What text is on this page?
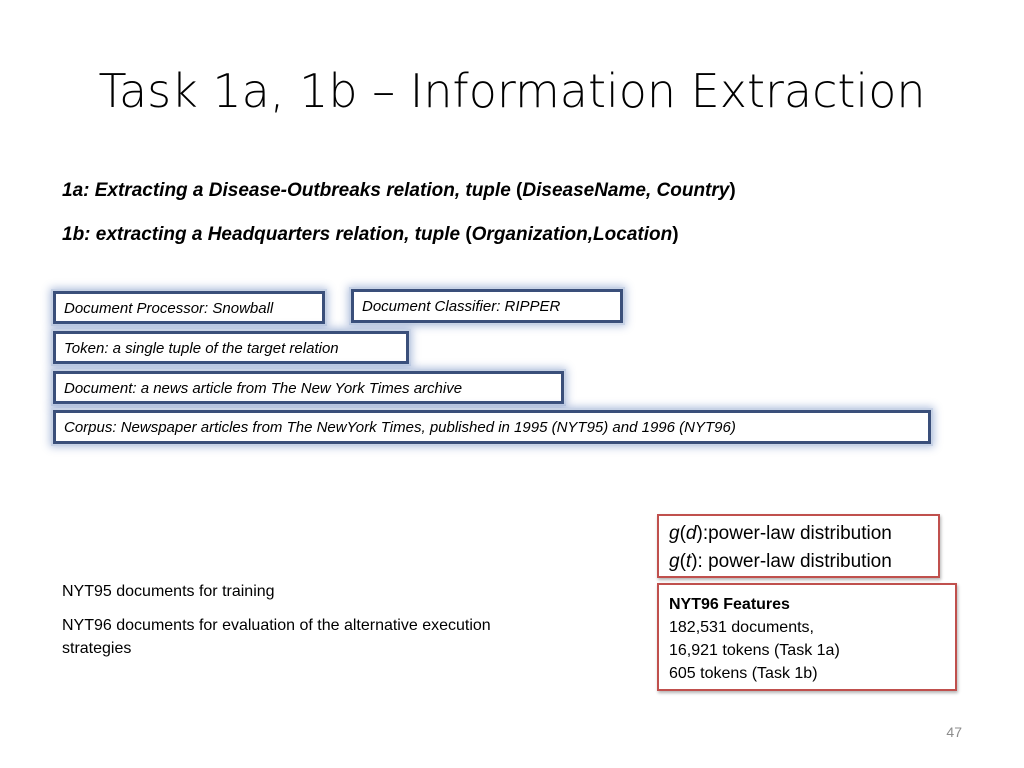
Task 1a, 1b – Information Extraction
1a: Extracting a Disease-Outbreaks relation, tuple (DiseaseName, Country)
1b: extracting a Headquarters relation, tuple (Organization,Location)
Document Processor: Snowball	Document Classifier: RIPPER
Token: a single tuple of the target relation
Document: a news article from The New York Times archive
Corpus: Newspaper articles from The NewYork Times, published in 1995 (NYT95) and 1996 (NYT96)
g(d):power-law distribution
g(t): power-law distribution
NYT96 Features
182,531 documents,
16,921 tokens (Task 1a)
605 tokens (Task 1b)
NYT95 documents for training
NYT96 documents for evaluation of the alternative execution strategies
47
